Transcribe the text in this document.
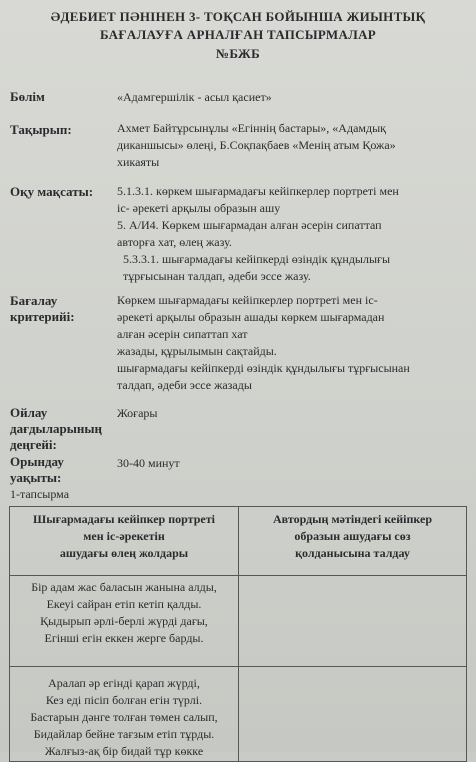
ӘДЕБИЕТ ПӘНІНЕН 3- ТОҚСАН БОЙЫНША ЖИЫНТЫҚ
БАҒАЛАУҒА АРНАЛҒАН ТАПСЫРМАЛАР
№БЖБ
Бөлім	«Адамгершілік - асыл қасиет»
Тақырып:	Ахмет Байтұрсынұлы «Егіннің бастары», «Адамдық
диканшысы» өлеңі, Б.Соқпақбаев «Менің атым Қожа»
хикаяты
Оқу мақсаты: 5.1.3.1. көркем шығармадағы кейіпкерлер портреті мен
іс- әрекеті арқылы образын ашу
5. А/И4. Көркем шығармадан алған әсерін сипаттап
авторға хат, өлең жазу.
5.3.3.1. шығармадағы кейіпкерді өзіндік құндылығы
тұрғысынан талдап, әдеби эссе жазу.
Бағалау
критерийі:
Көркем шығармадағы кейіпкерлер портреті мен іс-
әрекеті арқылы образын ашады көркем шығармадан
алған әсерін сипаттап хат
жазады, құрылымын сақтайды.
шығармадағы кейіпкерді өзіндік құндылығы тұрғысынан
талдап, әдеби эссе жазады
Ойлау
дағдыларының
деңгейі:
Жоғары
Орындау
уақыты:
30-40 минут
1-тапсырма
Шығармадағы кейіпкер портреті
мен іс-әрекетін
ашудағы өлең жолдары	Автордың мәтіндегі кейіпкер
образын ашудағы сөз
қолданысына талдау

Бір адам жас баласын жанына алды,
Екеуі сайран етіп кетіп қалды.
Қыдырып әрлі-берлі жүрді дағы,
Егінші егін еккен жерге барды.	

Аралап әр егінді қарап жүрді,
Кез еді пісіп болған егін түрлі.
Бастарын дәнге толған төмен салып,
Бидайлар бейне тағзым етіп тұрды.
Жалғыз-ақ бір бидай тұр көкке	
